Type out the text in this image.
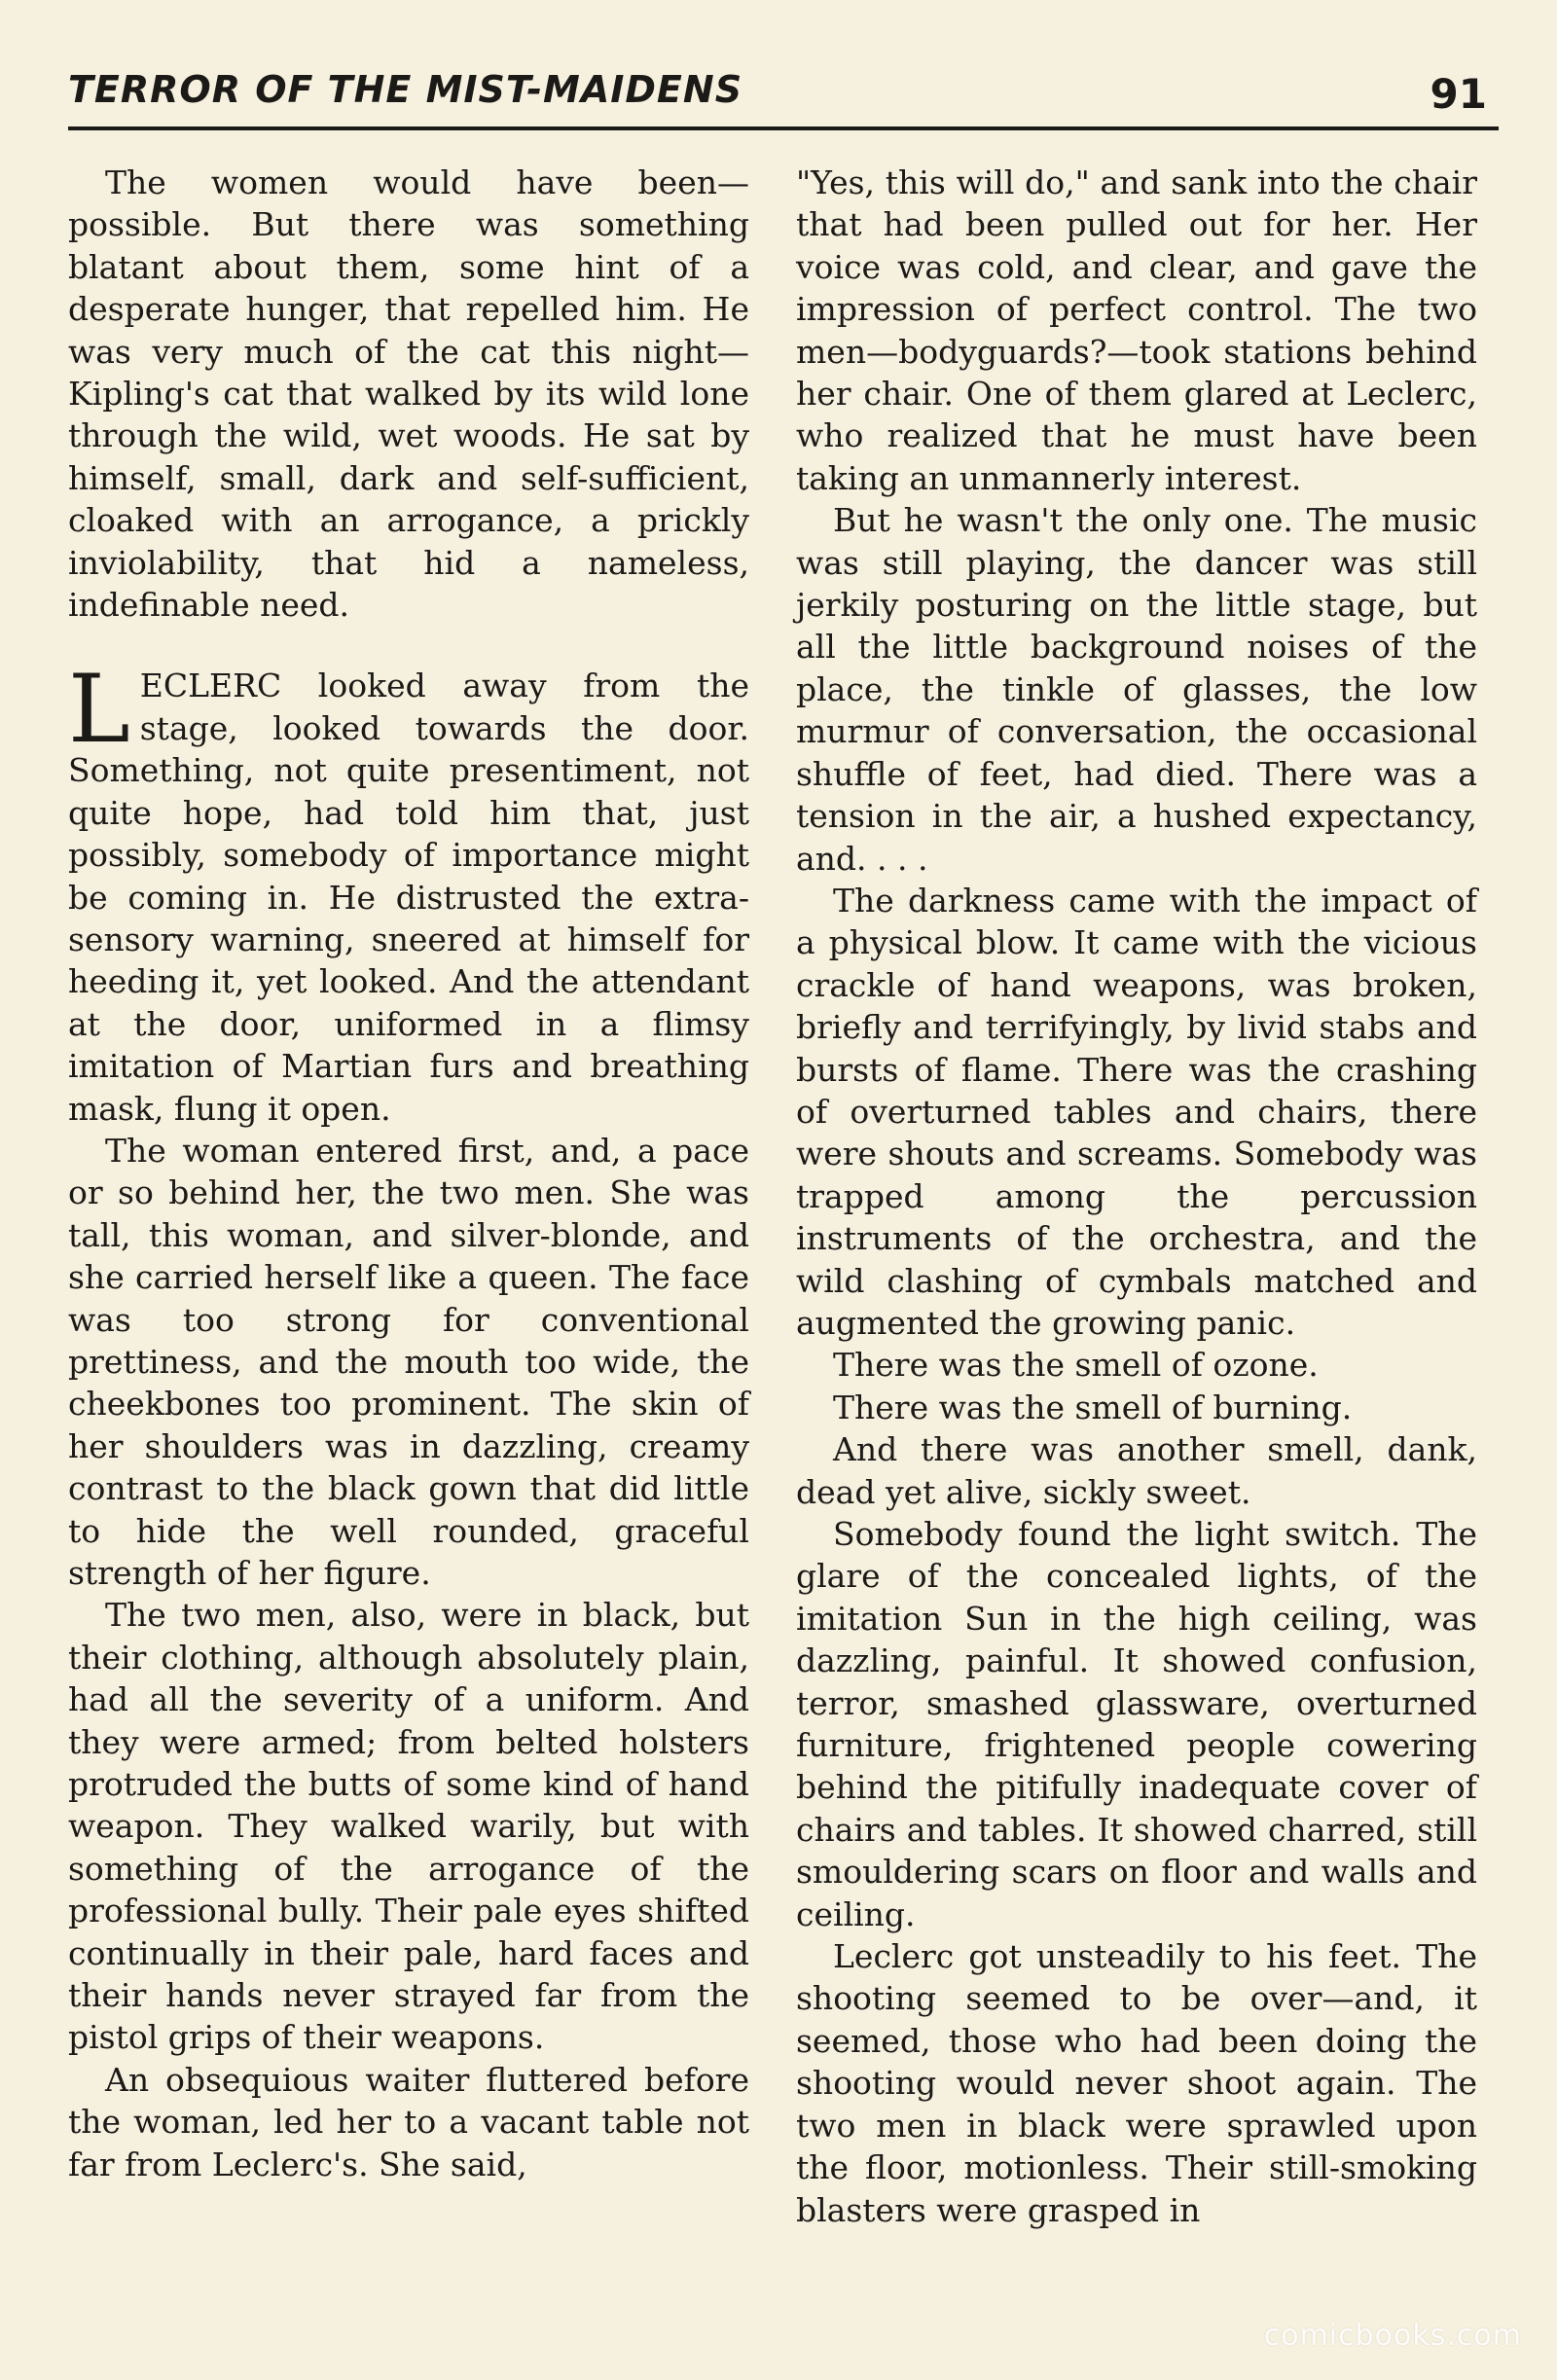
TERROR OF THE MIST-MAIDENS	91

The women would have been—possible. But there was something blatant about them, some hint of a desperate hunger, that repelled him. He was very much of the cat this night—Kipling's cat that walked by its wild lone through the wild, wet woods. He sat by himself, small, dark and self-sufficient, cloaked with an arrogance, a prickly inviolability, that hid a nameless, indefinable need.

LECLERC looked away from the stage, looked towards the door. Something, not quite presentiment, not quite hope, had told him that, just possibly, somebody of importance might be coming in. He distrusted the extra-sensory warning, sneered at himself for heeding it, yet looked. And the attendant at the door, uniformed in a flimsy imitation of Martian furs and breathing mask, flung it open.

The woman entered first, and, a pace or so behind her, the two men. She was tall, this woman, and silver-blonde, and she carried herself like a queen. The face was too strong for conventional prettiness, and the mouth too wide, the cheekbones too prominent. The skin of her shoulders was in dazzling, creamy contrast to the black gown that did little to hide the well rounded, graceful strength of her figure.

The two men, also, were in black, but their clothing, although absolutely plain, had all the severity of a uniform. And they were armed; from belted holsters protruded the butts of some kind of hand weapon. They walked warily, but with something of the arrogance of the professional bully. Their pale eyes shifted continually in their pale, hard faces and their hands never strayed far from the pistol grips of their weapons.

An obsequious waiter fluttered before the woman, led her to a vacant table not far from Leclerc's. She said,

"Yes, this will do," and sank into the chair that had been pulled out for her. Her voice was cold, and clear, and gave the impression of perfect control. The two men—bodyguards?—took stations behind her chair. One of them glared at Leclerc, who realized that he must have been taking an unmannerly interest.

But he wasn't the only one. The music was still playing, the dancer was still jerkily posturing on the little stage, but all the little background noises of the place, the tinkle of glasses, the low murmur of conversation, the occasional shuffle of feet, had died. There was a tension in the air, a hushed expectancy, and. . . .

The darkness came with the impact of a physical blow. It came with the vicious crackle of hand weapons, was broken, briefly and terrifyingly, by livid stabs and bursts of flame. There was the crashing of overturned tables and chairs, there were shouts and screams. Somebody was trapped among the percussion instruments of the orchestra, and the wild clashing of cymbals matched and augmented the growing panic.

There was the smell of ozone.

There was the smell of burning.

And there was another smell, dank, dead yet alive, sickly sweet.

Somebody found the light switch. The glare of the concealed lights, of the imitation Sun in the high ceiling, was dazzling, painful. It showed confusion, terror, smashed glassware, overturned furniture, frightened people cowering behind the pitifully inadequate cover of chairs and tables. It showed charred, still smouldering scars on floor and walls and ceiling.

Leclerc got unsteadily to his feet. The shooting seemed to be over—and, it seemed, those who had been doing the shooting would never shoot again. The two men in black were sprawled upon the floor, motionless. Their still-smoking blasters were grasped in

comicbooks.com
